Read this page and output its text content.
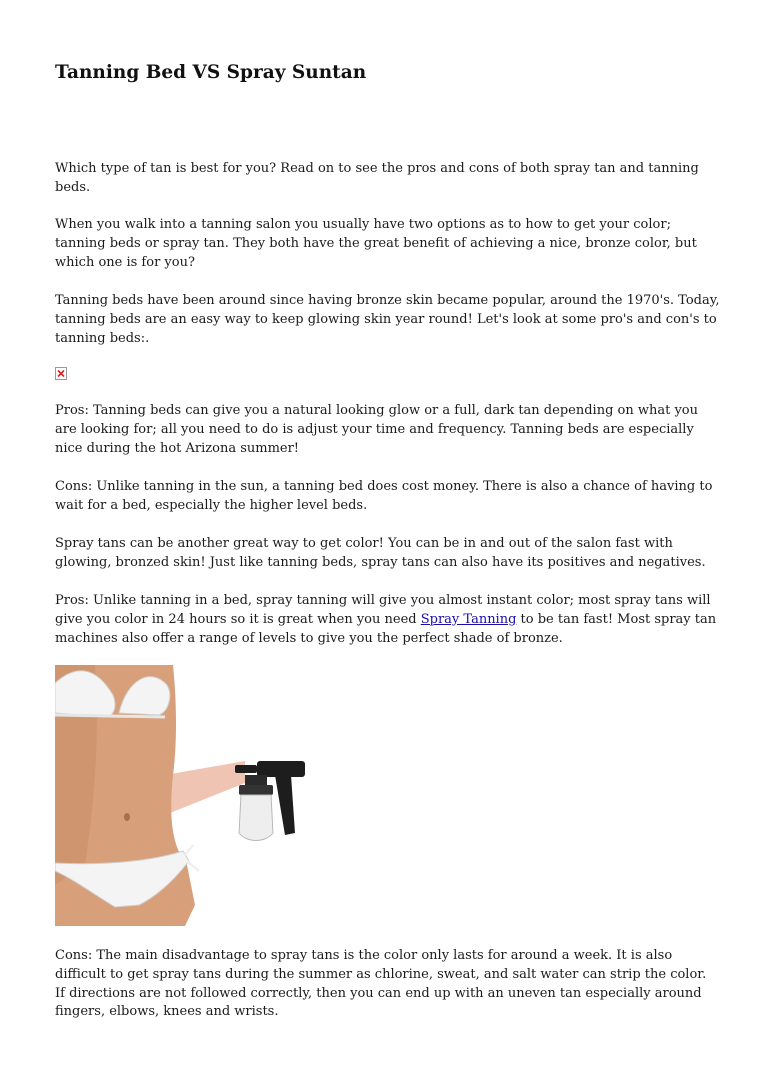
Tanning Bed VS Spray Suntan

Which type of tan is best for you? Read on to see the pros and cons of both spray tan and tanning beds.

When you walk into a tanning salon you usually have two options as to how to get your color; tanning beds or spray tan. They both have the great benefit of achieving a nice, bronze color, but which one is for you?

Tanning beds have been around since having bronze skin became popular, around the 1970's. Today, tanning beds are an easy way to keep glowing skin year round! Let's look at some pro's and con's to tanning beds:.

Pros: Tanning beds can give you a natural looking glow or a full, dark tan depending on what you are looking for; all you need to do is adjust your time and frequency. Tanning beds are especially nice during the hot Arizona summer!

Cons: Unlike tanning in the sun, a tanning bed does cost money. There is also a chance of having to wait for a bed, especially the higher level beds.

Spray tans can be another great way to get color! You can be in and out of the salon fast with glowing, bronzed skin! Just like tanning beds, spray tans can also have its positives and negatives.

Pros: Unlike tanning in a bed, spray tanning will give you almost instant color; most spray tans will give you color in 24 hours so it is great when you need Spray Tanning to be tan fast! Most spray tan machines also offer a range of levels to give you the perfect shade of bronze.

Cons: The main disadvantage to spray tans is the color only lasts for around a week. It is also difficult to get spray tans during the summer as chlorine, sweat, and salt water can strip the color. If directions are not followed correctly, then you can end up with an uneven tan especially around fingers, elbows, knees and wrists.
